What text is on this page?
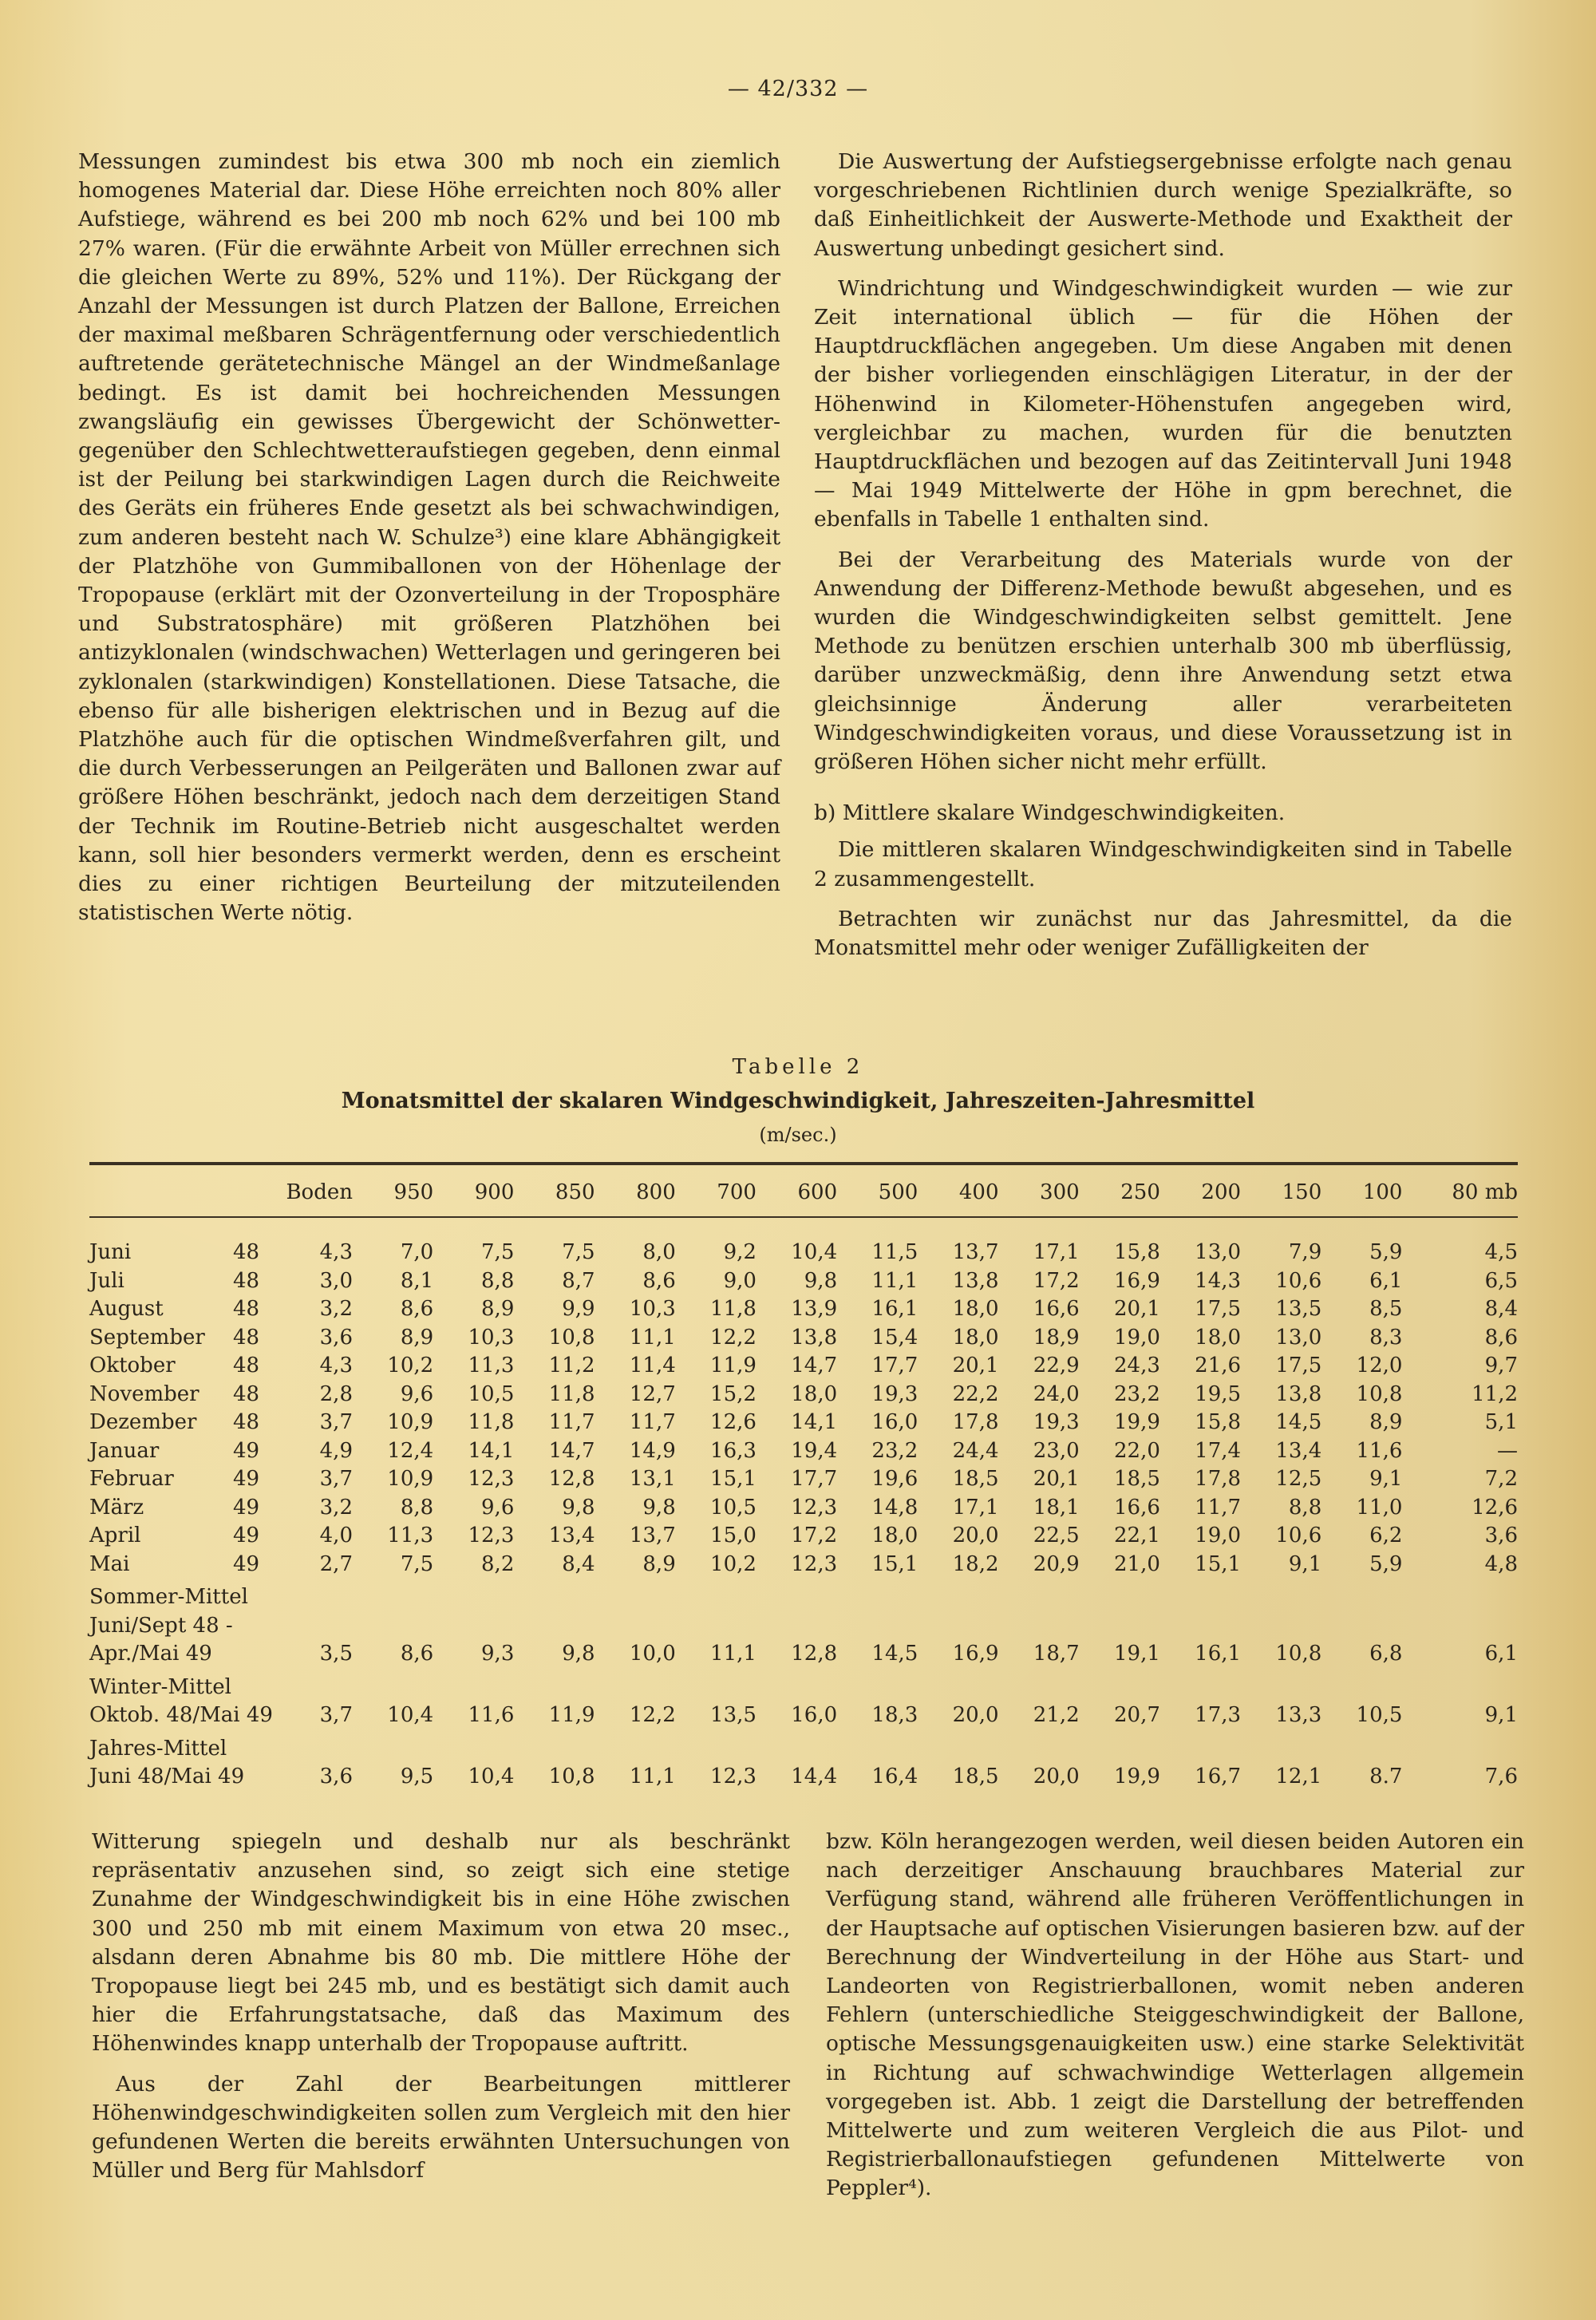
— 42/332 —

Messungen zumindest bis etwa 300 mb noch ein ziemlich homogenes Material dar. Diese Höhe erreichten noch 80% aller Aufstiege, während es bei 200 mb noch 62% und bei 100 mb 27% waren. (Für die erwähnte Arbeit von Müller errechnen sich die gleichen Werte zu 89%, 52% und 11%). Der Rückgang der Anzahl der Messungen ist durch Platzen der Ballone, Erreichen der maximal meßbaren Schrägentfernung oder verschiedentlich auftretende gerätetechnische Mängel an der Windmeßanlage bedingt. Es ist damit bei hochreichenden Messungen zwangsläufig ein gewisses Übergewicht der Schönwetter- gegenüber den Schlechtwetteraufstiegen gegeben, denn einmal ist der Peilung bei starkwindigen Lagen durch die Reichweite des Geräts ein früheres Ende gesetzt als bei schwachwindigen, zum anderen besteht nach W. Schulze³) eine klare Abhängigkeit der Platzhöhe von Gummiballonen von der Höhenlage der Tropopause (erklärt mit der Ozonverteilung in der Troposphäre und Substratosphäre) mit größeren Platzhöhen bei antizyklonalen (windschwachen) Wetterlagen und geringeren bei zyklonalen (starkwindigen) Konstellationen. Diese Tatsache, die ebenso für alle bisherigen elektrischen und in Bezug auf die Platzhöhe auch für die optischen Windmeßverfahren gilt, und die durch Verbesserungen an Peilgeräten und Ballonen zwar auf größere Höhen beschränkt, jedoch nach dem derzeitigen Stand der Technik im Routine-Betrieb nicht ausgeschaltet werden kann, soll hier besonders vermerkt werden, denn es erscheint dies zu einer richtigen Beurteilung der mitzuteilenden statistischen Werte nötig.

Die Auswertung der Aufstiegsergebnisse erfolgte nach genau vorgeschriebenen Richtlinien durch wenige Spezialkräfte, so daß Einheitlichkeit der Auswerte-Methode und Exaktheit der Auswertung unbedingt gesichert sind.

Windrichtung und Windgeschwindigkeit wurden — wie zur Zeit international üblich — für die Höhen der Hauptdruckflächen angegeben. Um diese Angaben mit denen der bisher vorliegenden einschlägigen Literatur, in der der Höhenwind in Kilometer-Höhenstufen angegeben wird, vergleichbar zu machen, wurden für die benutzten Hauptdruckflächen und bezogen auf das Zeitintervall Juni 1948 — Mai 1949 Mittelwerte der Höhe in gpm berechnet, die ebenfalls in Tabelle 1 enthalten sind.

Bei der Verarbeitung des Materials wurde von der Anwendung der Differenz-Methode bewußt abgesehen, und es wurden die Windgeschwindigkeiten selbst gemittelt. Jene Methode zu benützen erschien unterhalb 300 mb überflüssig, darüber unzweckmäßig, denn ihre Anwendung setzt etwa gleichsinnige Änderung aller verarbeiteten Windgeschwindigkeiten voraus, und diese Voraussetzung ist in größeren Höhen sicher nicht mehr erfüllt.

b) Mittlere skalare Windgeschwindigkeiten.

Die mittleren skalaren Windgeschwindigkeiten sind in Tabelle 2 zusammengestellt.

Betrachten wir zunächst nur das Jahresmittel, da die Monatsmittel mehr oder weniger Zufälligkeiten der

Tabelle 2
Monatsmittel der skalaren Windgeschwindigkeit, Jahreszeiten-Jahresmittel
(m/sec.)
		Boden	950	900	850	800	700	600	500	400	300	250	200	150	100	80 mb
Juni	48	4,3	7,0	7,5	7,5	8,0	9,2	10,4	11,5	13,7	17,1	15,8	13,0	7,9	5,9	4,5
Juli	48	3,0	8,1	8,8	8,7	8,6	9,0	9,8	11,1	13,8	17,2	16,9	14,3	10,6	6,1	6,5
August	48	3,2	8,6	8,9	9,9	10,3	11,8	13,9	16,1	18,0	16,6	20,1	17,5	13,5	8,5	8,4
September	48	3,6	8,9	10,3	10,8	11,1	12,2	13,8	15,4	18,0	18,9	19,0	18,0	13,0	8,3	8,6
Oktober	48	4,3	10,2	11,3	11,2	11,4	11,9	14,7	17,7	20,1	22,9	24,3	21,6	17,5	12,0	9,7
November	48	2,8	9,6	10,5	11,8	12,7	15,2	18,0	19,3	22,2	24,0	23,2	19,5	13,8	10,8	11,2
Dezember	48	3,7	10,9	11,8	11,7	11,7	12,6	14,1	16,0	17,8	19,3	19,9	15,8	14,5	8,9	5,1
Januar	49	4,9	12,4	14,1	14,7	14,9	16,3	19,4	23,2	24,4	23,0	22,0	17,4	13,4	11,6	—
Februar	49	3,7	10,9	12,3	12,8	13,1	15,1	17,7	19,6	18,5	20,1	18,5	17,8	12,5	9,1	7,2
März	49	3,2	8,8	9,6	9,8	9,8	10,5	12,3	14,8	17,1	18,1	16,6	11,7	8,8	11,0	12,6
April	49	4,0	11,3	12,3	13,4	13,7	15,0	17,2	18,0	20,0	22,5	22,1	19,0	10,6	6,2	3,6
Mai	49	2,7	7,5	8,2	8,4	8,9	10,2	12,3	15,1	18,2	20,9	21,0	15,1	9,1	5,9	4,8

Sommer-Mittel																
Juni/Sept 48 -																
Apr./Mai 49		3,5	8,6	9,3	9,8	10,0	11,1	12,8	14,5	16,9	18,7	19,1	16,1	10,8	6,8	6,1

Winter-Mittel																
Oktob. 48/Mai 49		3,7	10,4	11,6	11,9	12,2	13,5	16,0	18,3	20,0	21,2	20,7	17,3	13,3	10,5	9,1

Jahres-Mittel																
Juni 48/Mai 49		3,6	9,5	10,4	10,8	11,1	12,3	14,4	16,4	18,5	20,0	19,9	16,7	12,1	8.7	7,6

Witterung spiegeln und deshalb nur als beschränkt repräsentativ anzusehen sind, so zeigt sich eine stetige Zunahme der Windgeschwindigkeit bis in eine Höhe zwischen 300 und 250 mb mit einem Maximum von etwa 20 msec., alsdann deren Abnahme bis 80 mb. Die mittlere Höhe der Tropopause liegt bei 245 mb, und es bestätigt sich damit auch hier die Erfahrungstatsache, daß das Maximum des Höhenwindes knapp unterhalb der Tropopause auftritt.

Aus der Zahl der Bearbeitungen mittlerer Höhenwindgeschwindigkeiten sollen zum Vergleich mit den hier gefundenen Werten die bereits erwähnten Untersuchungen von Müller und Berg für Mahlsdorf

bzw. Köln herangezogen werden, weil diesen beiden Autoren ein nach derzeitiger Anschauung brauchbares Material zur Verfügung stand, während alle früheren Veröffentlichungen in der Hauptsache auf optischen Visierungen basieren bzw. auf der Berechnung der Windverteilung in der Höhe aus Start- und Landeorten von Registrierballonen, womit neben anderen Fehlern (unterschiedliche Steiggeschwindigkeit der Ballone, optische Messungsgenauigkeiten usw.) eine starke Selektivität in Richtung auf schwachwindige Wetterlagen allgemein vorgegeben ist. Abb. 1 zeigt die Darstellung der betreffenden Mittelwerte und zum weiteren Vergleich die aus Pilot- und Registrierballonaufstiegen gefundenen Mittelwerte von Peppler⁴).
